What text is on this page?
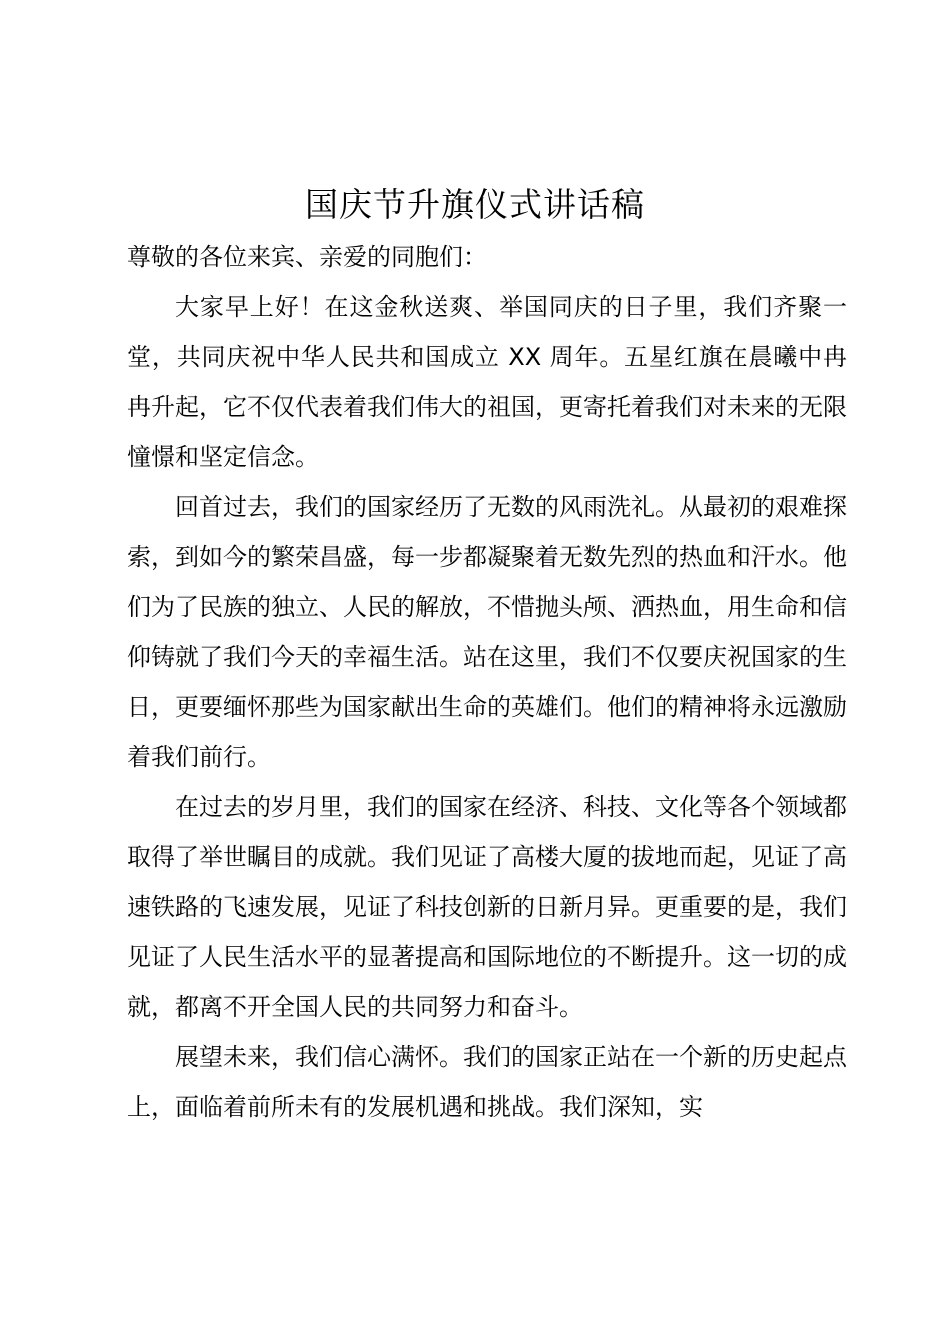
国庆节升旗仪式讲话稿

尊敬的各位来宾、亲爱的同胞们：

大家早上好！在这金秋送爽、举国同庆的日子里，我们齐聚一堂，共同庆祝中华人民共和国成立 XX 周年。五星红旗在晨曦中冉冉升起，它不仅代表着我们伟大的祖国，更寄托着我们对未来的无限憧憬和坚定信念。

回首过去，我们的国家经历了无数的风雨洗礼。从最初的艰难探索，到如今的繁荣昌盛，每一步都凝聚着无数先烈的热血和汗水。他们为了民族的独立、人民的解放，不惜抛头颅、洒热血，用生命和信仰铸就了我们今天的幸福生活。站在这里，我们不仅要庆祝国家的生日，更要缅怀那些为国家献出生命的英雄们。他们的精神将永远激励着我们前行。

在过去的岁月里，我们的国家在经济、科技、文化等各个领域都取得了举世瞩目的成就。我们见证了高楼大厦的拔地而起，见证了高速铁路的飞速发展，见证了科技创新的日新月异。更重要的是，我们见证了人民生活水平的显著提高和国际地位的不断提升。这一切的成就，都离不开全国人民的共同努力和奋斗。

展望未来，我们信心满怀。我们的国家正站在一个新的历史起点上，面临着前所未有的发展机遇和挑战。我们深知，实
